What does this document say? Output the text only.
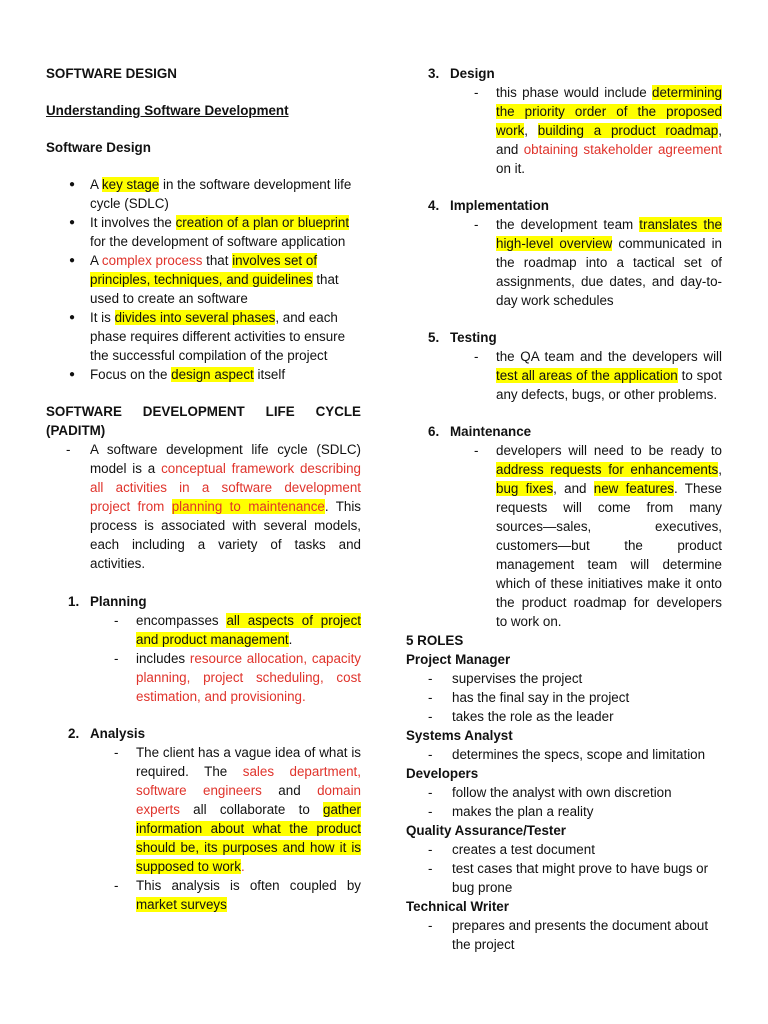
SOFTWARE DESIGN
Understanding Software Development
Software Design
● A key stage in the software development life cycle (SDLC)
● It involves the creation of a plan or blueprint for the development of software application
● A complex process that involves set of principles, techniques, and guidelines that used to create an software
● It is divides into several phases, and each phase requires different activities to ensure the successful compilation of the project
● Focus on the design aspect itself
SOFTWARE DEVELOPMENT LIFE CYCLE
(PADITM)
- A software development life cycle (SDLC) model is a conceptual framework describing all activities in a software development project from planning to maintenance. This process is associated with several models, each including a variety of tasks and activities.
1. Planning
- encompasses all aspects of project and product management.
- includes resource allocation, capacity planning, project scheduling, cost estimation, and provisioning.
2. Analysis
- The client has a vague idea of what is required. The sales department, software engineers and domain experts all collaborate to gather information about what the product should be, its purposes and how it is supposed to work.
- This analysis is often coupled by market surveys
3. Design
- this phase would include determining the priority order of the proposed work, building a product roadmap, and obtaining stakeholder agreement on it.
4. Implementation
- the development team translates the high-level overview communicated in the roadmap into a tactical set of assignments, due dates, and day-to-day work schedules
5. Testing
- the QA team and the developers will test all areas of the application to spot any defects, bugs, or other problems.
6. Maintenance
- developers will need to be ready to address requests for enhancements, bug fixes, and new features. These requests will come from many sources—sales, executives, customers—but the product management team will determine which of these initiatives make it onto the product roadmap for developers to work on.
5 ROLES
Project Manager
- supervises the project
- has the final say in the project
- takes the role as the leader
Systems Analyst
- determines the specs, scope and limitation
Developers
- follow the analyst with own discretion
- makes the plan a reality
Quality Assurance/Tester
- creates a test document
- test cases that might prove to have bugs or bug prone
Technical Writer
- prepares and presents the document about the project
